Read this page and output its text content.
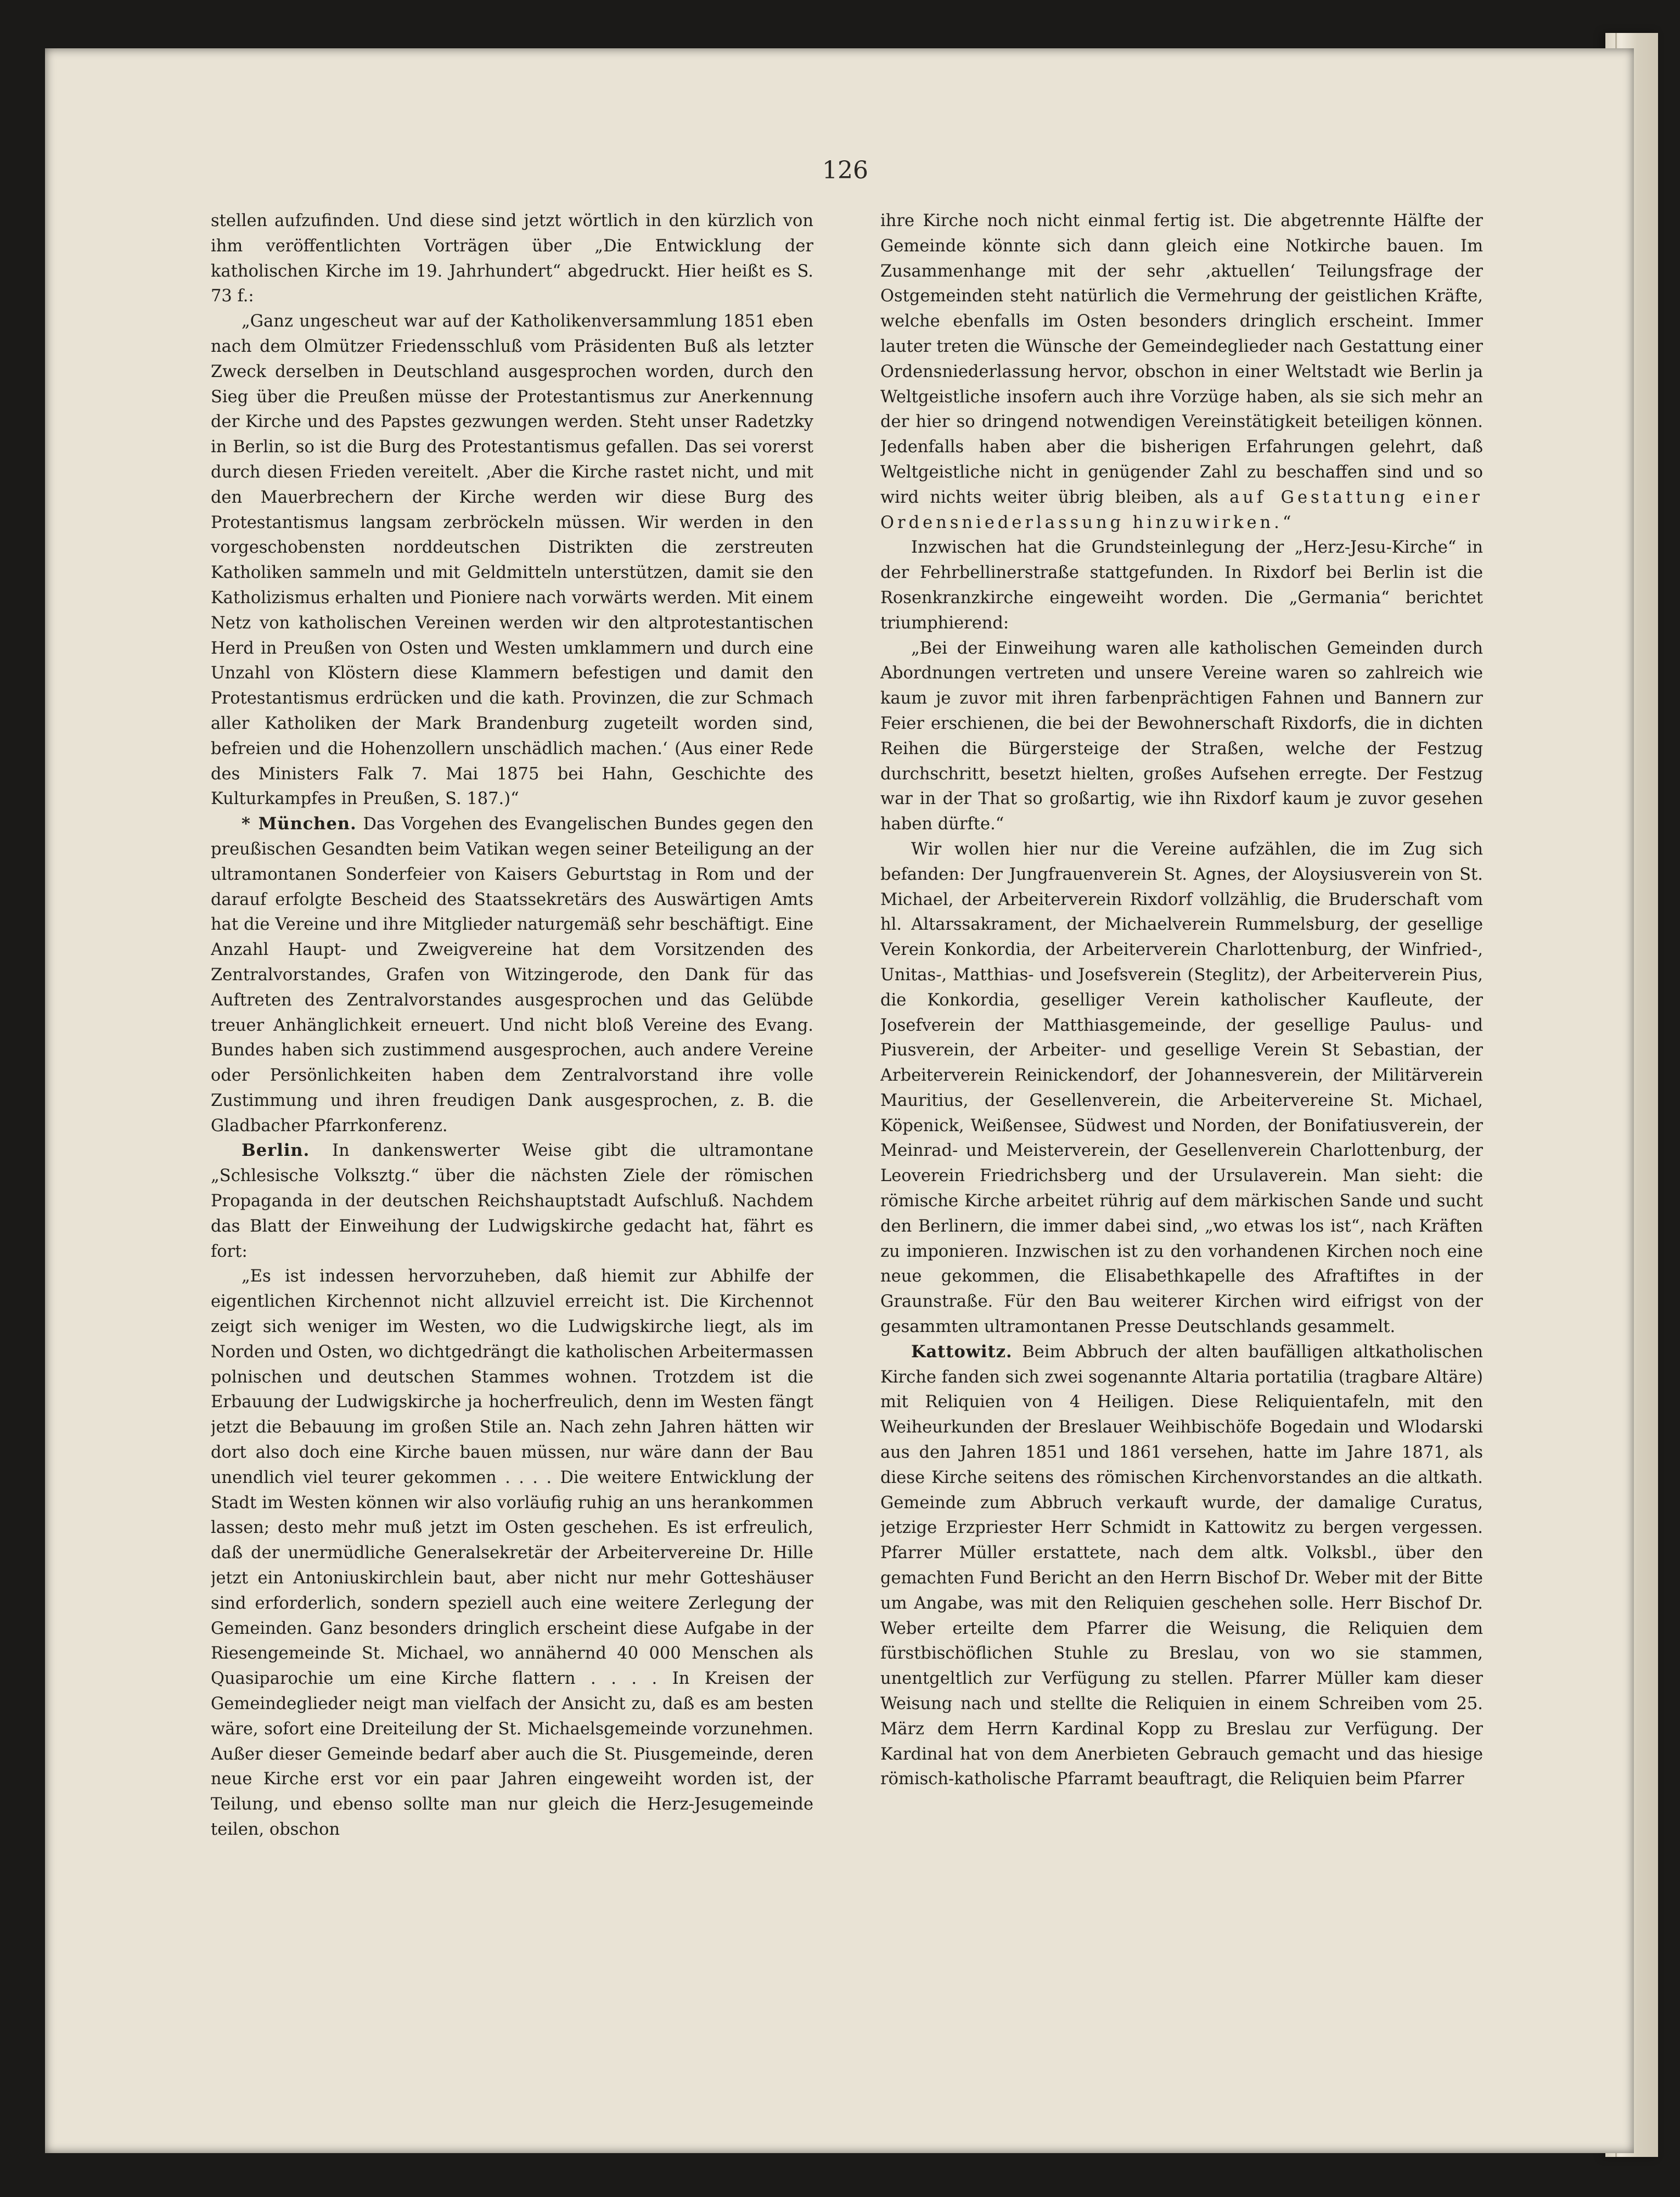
126

stellen aufzufinden. Und diese sind jetzt wörtlich in den kürzlich von ihm veröffentlichten Vorträgen über „Die Entwicklung der katholischen Kirche im 19. Jahrhundert“ abgedruckt. Hier heißt es S. 73 f.:

„Ganz ungescheut war auf der Katholikenversammlung 1851 eben nach dem Olmützer Friedensschluß vom Präsidenten Buß als letzter Zweck derselben in Deutschland ausgesprochen worden, durch den Sieg über die Preußen müsse der Protestantismus zur Anerkennung der Kirche und des Papstes gezwungen werden. Steht unser Radetzky in Berlin, so ist die Burg des Protestantismus gefallen. Das sei vorerst durch diesen Frieden vereitelt. ‚Aber die Kirche rastet nicht, und mit den Mauerbrechern der Kirche werden wir diese Burg des Protestantismus langsam zerbröckeln müssen. Wir werden in den vorgeschobensten norddeutschen Distrikten die zerstreuten Katholiken sammeln und mit Geldmitteln unterstützen, damit sie den Katholizismus erhalten und Pioniere nach vorwärts werden. Mit einem Netz von katholischen Vereinen werden wir den altprotestantischen Herd in Preußen von Osten und Westen umklammern und durch eine Unzahl von Klöstern diese Klammern befestigen und damit den Protestantismus erdrücken und die kath. Provinzen, die zur Schmach aller Katholiken der Mark Brandenburg zugeteilt worden sind, befreien und die Hohenzollern unschädlich machen.‘ (Aus einer Rede des Ministers Falk 7. Mai 1875 bei Hahn, Geschichte des Kulturkampfes in Preußen, S. 187.)“

* München. Das Vorgehen des Evangelischen Bundes gegen den preußischen Gesandten beim Vatikan wegen seiner Beteiligung an der ultramontanen Sonderfeier von Kaisers Geburtstag in Rom und der darauf erfolgte Bescheid des Staatssekretärs des Auswärtigen Amts hat die Vereine und ihre Mitglieder naturgemäß sehr beschäftigt. Eine Anzahl Haupt- und Zweigvereine hat dem Vorsitzenden des Zentralvorstandes, Grafen von Witzingerode, den Dank für das Auftreten des Zentralvorstandes ausgesprochen und das Gelübde treuer Anhänglichkeit erneuert. Und nicht bloß Vereine des Evang. Bundes haben sich zustimmend ausgesprochen, auch andere Vereine oder Persönlichkeiten haben dem Zentralvorstand ihre volle Zustimmung und ihren freudigen Dank ausgesprochen, z. B. die Gladbacher Pfarrkonferenz.

Berlin. In dankenswerter Weise gibt die ultramontane „Schlesische Volksztg.“ über die nächsten Ziele der römischen Propaganda in der deutschen Reichshauptstadt Aufschluß. Nachdem das Blatt der Einweihung der Ludwigskirche gedacht hat, fährt es fort:

„Es ist indessen hervorzuheben, daß hiemit zur Abhilfe der eigentlichen Kirchennot nicht allzuviel erreicht ist. Die Kirchennot zeigt sich weniger im Westen, wo die Ludwigskirche liegt, als im Norden und Osten, wo dichtgedrängt die katholischen Arbeitermassen polnischen und deutschen Stammes wohnen. Trotzdem ist die Erbauung der Ludwigskirche ja hocherfreulich, denn im Westen fängt jetzt die Bebauung im großen Stile an. Nach zehn Jahren hätten wir dort also doch eine Kirche bauen müssen, nur wäre dann der Bau unendlich viel teurer gekommen . . . . Die weitere Entwicklung der Stadt im Westen können wir also vorläufig ruhig an uns herankommen lassen; desto mehr muß jetzt im Osten geschehen. Es ist erfreulich, daß der unermüdliche Generalsekretär der Arbeitervereine Dr. Hille jetzt ein Antoniuskirchlein baut, aber nicht nur mehr Gotteshäuser sind erforderlich, sondern speziell auch eine weitere Zerlegung der Gemeinden. Ganz besonders dringlich erscheint diese Aufgabe in der Riesengemeinde St. Michael, wo annähernd 40 000 Menschen als Quasiparochie um eine Kirche flattern . . . . In Kreisen der Gemeindeglieder neigt man vielfach der Ansicht zu, daß es am besten wäre, sofort eine Dreiteilung der St. Michaelsgemeinde vorzunehmen. Außer dieser Gemeinde bedarf aber auch die St. Piusgemeinde, deren neue Kirche erst vor ein paar Jahren eingeweiht worden ist, der Teilung, und ebenso sollte man nur gleich die Herz-Jesugemeinde teilen, obschon

ihre Kirche noch nicht einmal fertig ist. Die abgetrennte Hälfte der Gemeinde könnte sich dann gleich eine Notkirche bauen. Im Zusammenhange mit der sehr ‚aktuellen‘ Teilungsfrage der Ostgemeinden steht natürlich die Vermehrung der geistlichen Kräfte, welche ebenfalls im Osten besonders dringlich erscheint. Immer lauter treten die Wünsche der Gemeindeglieder nach Gestattung einer Ordensniederlassung hervor, obschon in einer Weltstadt wie Berlin ja Weltgeistliche insofern auch ihre Vorzüge haben, als sie sich mehr an der hier so dringend notwendigen Vereinstätigkeit beteiligen können. Jedenfalls haben aber die bisherigen Erfahrungen gelehrt, daß Weltgeistliche nicht in genügender Zahl zu beschaffen sind und so wird nichts weiter übrig bleiben, als auf Gestattung einer Ordensniederlassung hinzuwirken.“

Inzwischen hat die Grundsteinlegung der „Herz-Jesu-Kirche“ in der Fehrbellinerstraße stattgefunden. In Rixdorf bei Berlin ist die Rosenkranzkirche eingeweiht worden. Die „Germania“ berichtet triumphierend:

„Bei der Einweihung waren alle katholischen Gemeinden durch Abordnungen vertreten und unsere Vereine waren so zahlreich wie kaum je zuvor mit ihren farbenprächtigen Fahnen und Bannern zur Feier erschienen, die bei der Bewohnerschaft Rixdorfs, die in dichten Reihen die Bürgersteige der Straßen, welche der Festzug durchschritt, besetzt hielten, großes Aufsehen erregte. Der Festzug war in der That so großartig, wie ihn Rixdorf kaum je zuvor gesehen haben dürfte.“

Wir wollen hier nur die Vereine aufzählen, die im Zug sich befanden: Der Jungfrauenverein St. Agnes, der Aloysiusverein von St. Michael, der Arbeiterverein Rixdorf vollzählig, die Bruderschaft vom hl. Altarssakrament, der Michaelverein Rummelsburg, der gesellige Verein Konkordia, der Arbeiterverein Charlottenburg, der Winfried-, Unitas-, Matthias- und Josefsverein (Steglitz), der Arbeiterverein Pius, die Konkordia, geselliger Verein katholischer Kaufleute, der Josefverein der Matthiasgemeinde, der gesellige Paulus- und Piusverein, der Arbeiter- und gesellige Verein St Sebastian, der Arbeiterverein Reinickendorf, der Johannesverein, der Militärverein Mauritius, der Gesellenverein, die Arbeitervereine St. Michael, Köpenick, Weißensee, Südwest und Norden, der Bonifatiusverein, der Meinrad- und Meisterverein, der Gesellenverein Charlottenburg, der Leoverein Friedrichsberg und der Ursulaverein. Man sieht: die römische Kirche arbeitet rührig auf dem märkischen Sande und sucht den Berlinern, die immer dabei sind, „wo etwas los ist“, nach Kräften zu imponieren. Inzwischen ist zu den vorhandenen Kirchen noch eine neue gekommen, die Elisabethkapelle des Afraftiftes in der Graunstraße. Für den Bau weiterer Kirchen wird eifrigst von der gesammten ultramontanen Presse Deutschlands gesammelt.

Kattowitz. Beim Abbruch der alten baufälligen altkatholischen Kirche fanden sich zwei sogenannte Altaria portatilia (tragbare Altäre) mit Reliquien von 4 Heiligen. Diese Reliquientafeln, mit den Weiheurkunden der Breslauer Weihbischöfe Bogedain und Wlodarski aus den Jahren 1851 und 1861 versehen, hatte im Jahre 1871, als diese Kirche seitens des römischen Kirchenvorstandes an die altkath. Gemeinde zum Abbruch verkauft wurde, der damalige Curatus, jetzige Erzpriester Herr Schmidt in Kattowitz zu bergen vergessen. Pfarrer Müller erstattete, nach dem altk. Volksbl., über den gemachten Fund Bericht an den Herrn Bischof Dr. Weber mit der Bitte um Angabe, was mit den Reliquien geschehen solle. Herr Bischof Dr. Weber erteilte dem Pfarrer die Weisung, die Reliquien dem fürstbischöflichen Stuhle zu Breslau, von wo sie stammen, unentgeltlich zur Verfügung zu stellen. Pfarrer Müller kam dieser Weisung nach und stellte die Reliquien in einem Schreiben vom 25. März dem Herrn Kardinal Kopp zu Breslau zur Verfügung. Der Kardinal hat von dem Anerbieten Gebrauch gemacht und das hiesige römisch-katholische Pfarramt beauftragt, die Reliquien beim Pfarrer
